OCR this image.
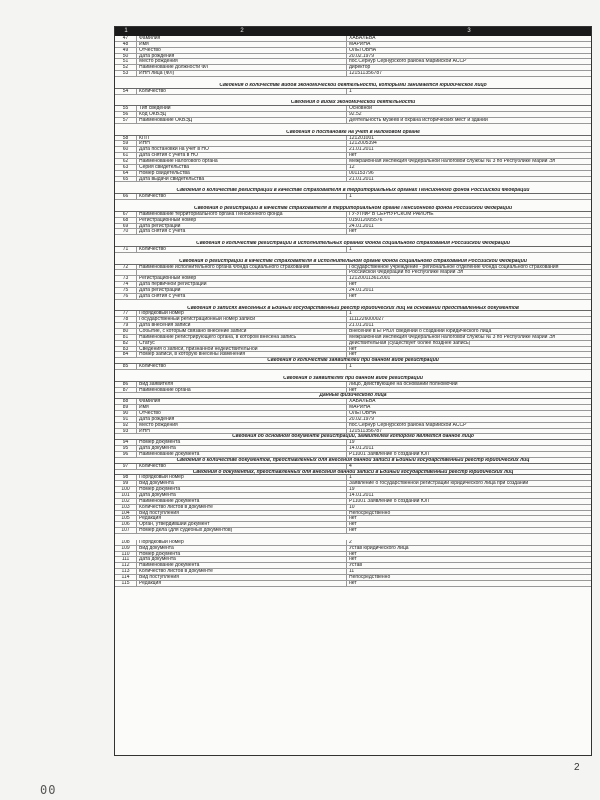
1	2	3
47	Фамилия	ХАБАЛЕВА
48	Имя	МАРИНА
49	Отчество	ОЛЕГОВНА
50	Дата рождения	20.02.1979
51	Место рождения	пос.Сернур Сернурского района Марийской АССР
52	Наименование должности ФЛ	директор
53	ИНН лица (ФЛ)	121511356787
Сведения о количестве видов экономической деятельности, которыми занимается юридическое лицо
54	Количество	1
Сведения о видах экономической деятельности
55	Тип сведений	Основной
56	Код ОКВЭД	92.52
57	Наименование ОКВЭД	Деятельность музеев и охрана исторических мест и зданий
Сведения о постановке на учет в налоговом органе
58	КПП	121201001
59	ИНН	1212005394
60	Дата постановки на учет в НО	21.01.2011
61	Дата снятия с учета в НО	нет
62	Наименование налогового органа	Межрайонная инспекция Федеральной налоговой службы № 3 по Республике Марий Эл
63	Серия свидетельства	12
64	Номер свидетельства	001153796
65	Дата выдачи свидетельства	21.01.2011
Сведения о количестве регистраций в качестве страхователя в территориальных органах Пенсионного фонда Российской Федерации
66	Количество	1
Сведения о регистрации в качестве страхователя в территориальном органе Пенсионного фонда Российской Федерации
67	Наименование территориального органа Пенсионного фонда	ГУ-УПФР В СЕРНУРСКОМ РАЙОНЕ
68	Регистрационный номер	015012005576
69	Дата регистрации	24.01.2011
70	Дата снятия с учета	нет
Сведения о количестве регистраций в исполнительных органах Фонда социального страхования Российской Федерации
71	Количество	1
Сведения о регистрации в качестве страхователя в исполнительном органе Фонда социального страхования Российской Федерации
72	Наименование исполнительного органа Фонда социального страхования	Государственное учреждение - региональное отделение Фонда социального страхования
Российской Федерации по Республике Марий Эл
73	Регистрационный номер	121200113612001
74	Дата первичной регистрации	нет
75	Дата регистрации	24.01.2011
76	Дата снятия с учета	нет
Сведения о записях внесенных в Единый государственный реестр юридических лиц на основании представленных документов
77	Порядковый номер	1
78	Государственный регистрационный номер записи	1111226000027
79	Дата внесения записи	21.01.2011
80	Событие, с которым связано внесение записи	Внесение в ЕГРЮЛ сведений о создании юридического лица
81	Наименование регистрирующего органа, в котором внесена запись	Межрайонная инспекция Федеральной налоговой службы № 3 по Республике Марий Эл
82	Статус	действительная (существует более позднее запись)
83	Сведения о записи, признанной недействительной	нет
84	Номер записи, в которую внесены изменения	нет
Сведения о количестве заявителей при данном виде регистрации
85	Количество	1
Сведения о заявителях при данном виде регистрации
86	Вид заявителя	Лицо, действующее на основании полномочий
87	Наименование органа	нет
Данные физического лица
88	Фамилия	ХАБАЛЕВА
89	Имя	МАРИНА
90	Отчество	ОЛЕГОВНА
91	Дата рождения	20.02.1979
92	Место рождения	пос.Сернур Сернурского района Марийской АССР
93	ИНН	121511356787
Сведения об основном документе регистрации, заявителем которого является данное лицо
94	Номер документа	19
95	Дата документа	14.01.2011
96	Наименование документа	Р11001 Заявление о создании ЮЛ
Сведения о количестве документов, представленных для внесения данной записи в Единый государственный реестр юридических лиц
97	Количество	4
Сведения о документах, представленных для внесения данной записи в Единый государственный реестр юридических лиц
98	Порядковый номер	1
99	Вид документа	Заявление о государственной регистрации юридического лица при создании
100	Номер документа	19
101	Дата документа	14.01.2011
102	Наименование документа	Р11001 Заявление о создании ЮЛ
103	Количество листов в документе	10
104	Вид поступления	Непосредственно
105	Редакция	нет
106	Орган, утвердивший документ	нет
107	Номер дела (для судебных документов)	нет
108	Порядковый номер	2
109	Вид документа	Устав юридического лица
110	Номер документа	нет
111	Дата документа	нет
112	Наименование документа	Устав
113	Количество листов в документе	11
114	Вид поступления	Непосредственно
115	Редакция	нет
00
2
